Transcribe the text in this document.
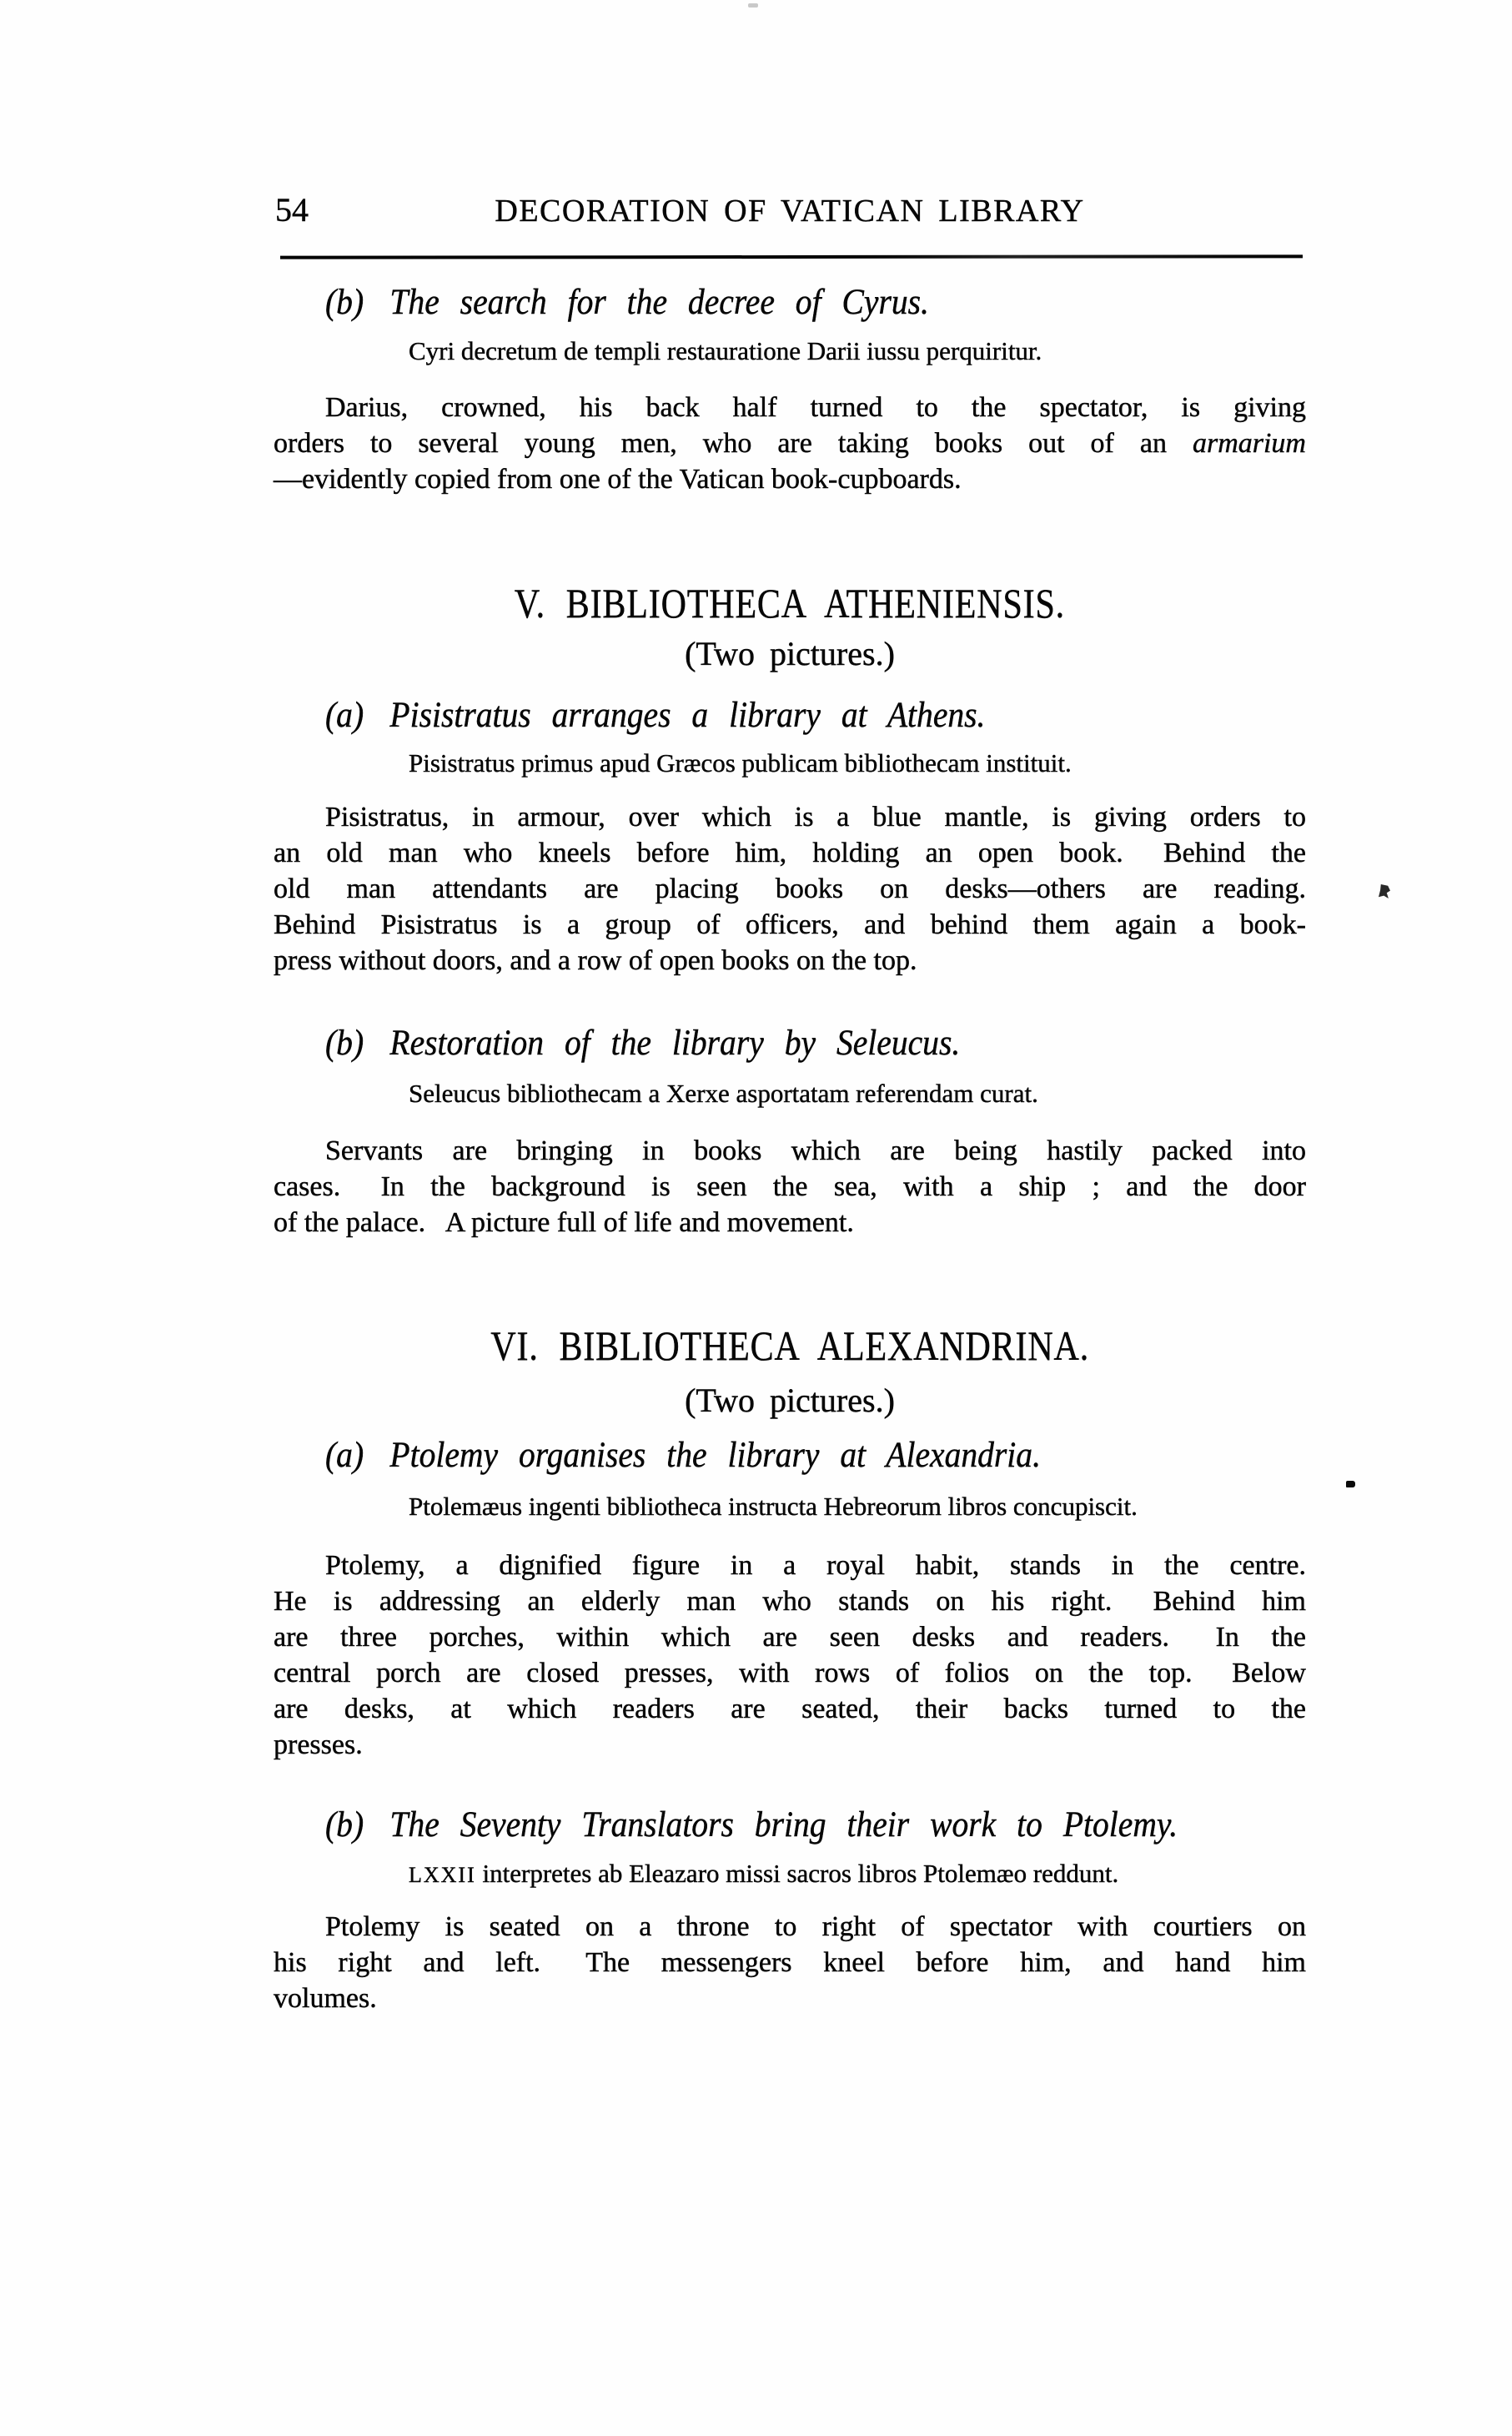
54	DECORATION OF VATICAN LIBRARY
(b) The search for the decree of Cyrus.
Cyri decretum de templi restauratione Darii iussu perquiritur.
Darius, crowned, his back half turned to the spectator, is giving
orders to several young men, who are taking books out of an armarium
—evidently copied from one of the Vatican book-cupboards.
V. BIBLIOTHECA ATHENIENSIS.
(Two pictures.)
(a) Pisistratus arranges a library at Athens.
Pisistratus primus apud Græcos publicam bibliothecam instituit.
Pisistratus, in armour, over which is a blue mantle, is giving orders to
an old man who kneels before him, holding an open book.  Behind the
old man attendants are placing books on desks—others are reading.
Behind Pisistratus is a group of officers, and behind them again a book-
press without doors, and a row of open books on the top.
(b) Restoration of the library by Seleucus.
Seleucus bibliothecam a Xerxe asportatam referendam curat.
Servants are bringing in books which are being hastily packed into
cases.  In the background is seen the sea, with a ship ; and the door
of the palace.  A picture full of life and movement.
VI. BIBLIOTHECA ALEXANDRINA.
(Two pictures.)
(a) Ptolemy organises the library at Alexandria.
Ptolemæus ingenti bibliotheca instructa Hebreorum libros concupiscit.
Ptolemy, a dignified figure in a royal habit, stands in the centre.
He is addressing an elderly man who stands on his right.  Behind him
are three porches, within which are seen desks and readers.  In the
central porch are closed presses, with rows of folios on the top.  Below
are desks, at which readers are seated, their backs turned to the
presses.
(b) The Seventy Translators bring their work to Ptolemy.
LXXII interpretes ab Eleazaro missi sacros libros Ptolemæo reddunt.
Ptolemy is seated on a throne to right of spectator with courtiers on
his right and left.  The messengers kneel before him, and hand him
volumes.
